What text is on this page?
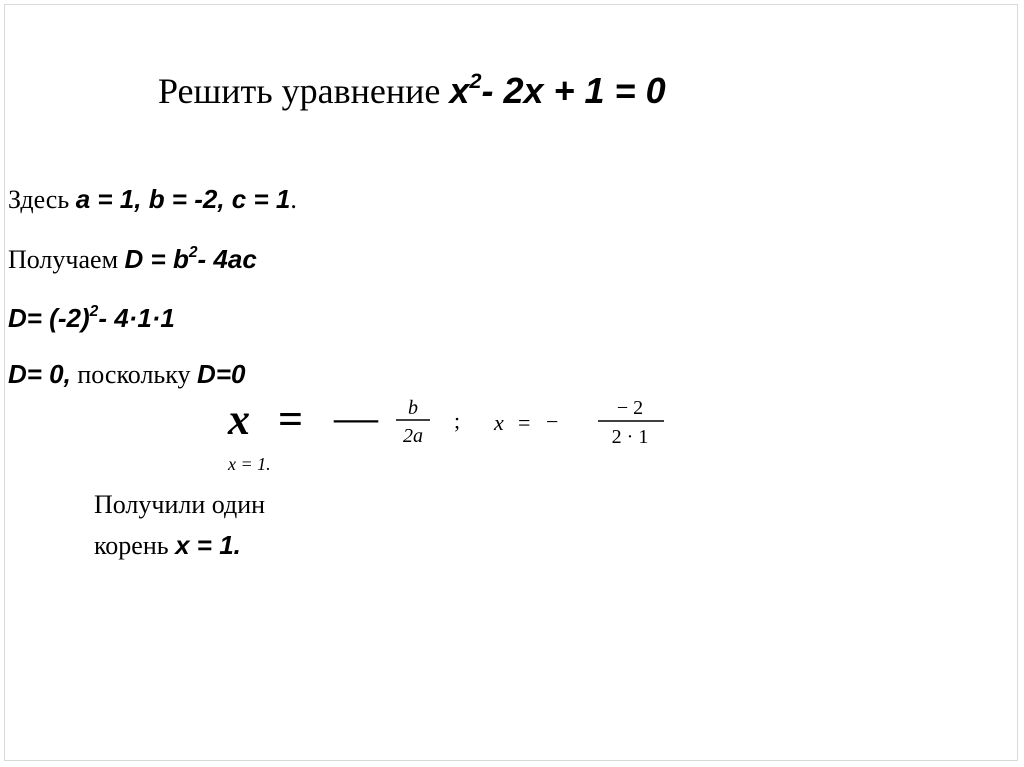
Решить уравнение $x^2-$ 2x + 1 = 0
Здесь a = 1, b = -2, c = 1.
Получаем $D = b^2-$ 4ac
$D= (-2)^2-$ 4·1·1
D= 0, поскольку D=0
x = — b
2a
; x = −
− 2
2 · 1
x = 1.
Получили один
корень x = 1.
